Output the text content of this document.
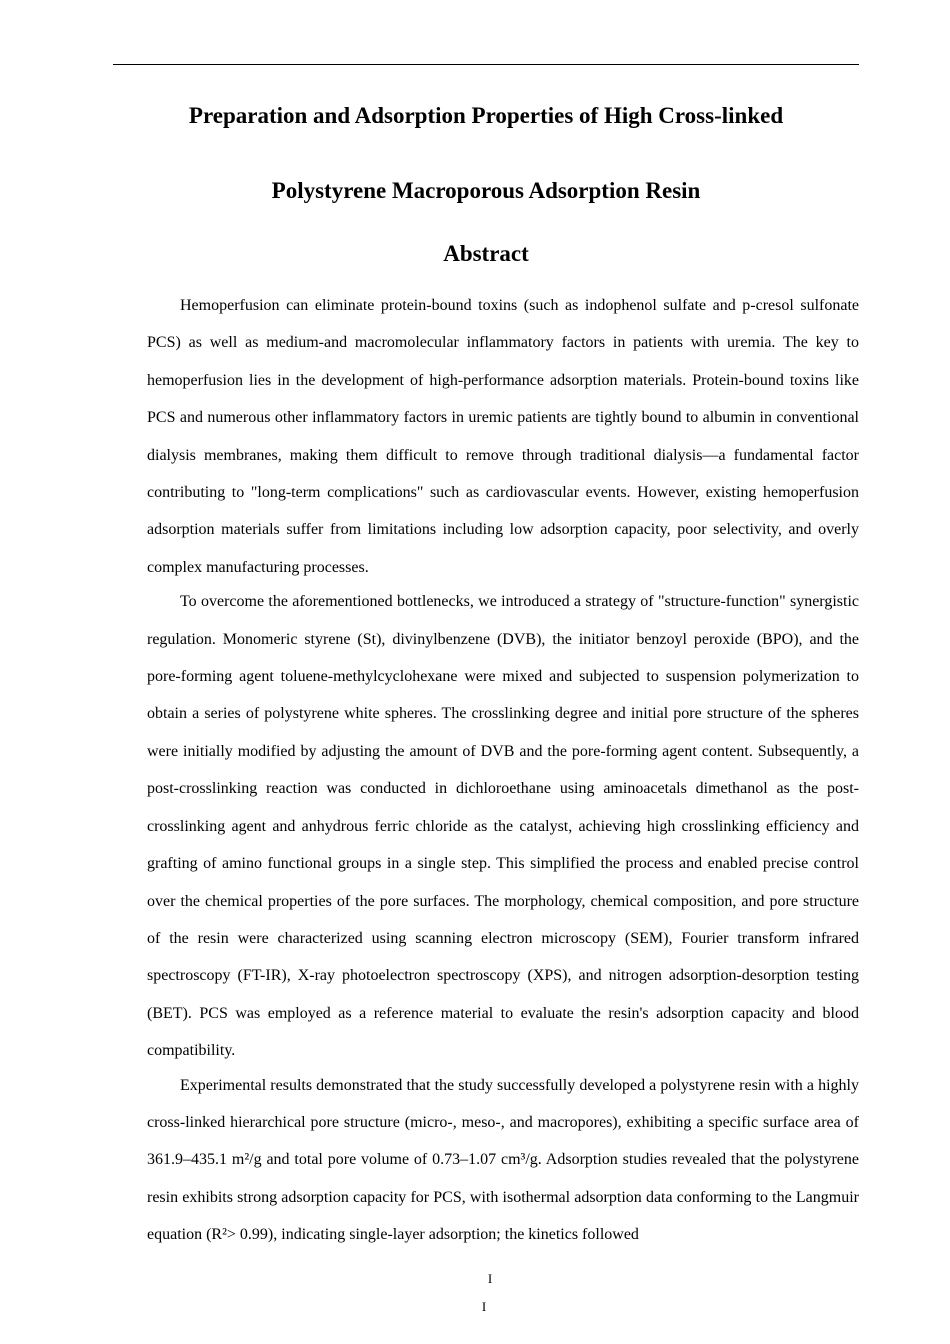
Preparation and Adsorption Properties of High Cross-linked
Polystyrene Macroporous Adsorption Resin
Abstract

Hemoperfusion can eliminate protein-bound toxins (such as indophenol sulfate and p-cresol sulfonate PCS) as well as medium-and macromolecular inflammatory factors in patients with uremia. The key to hemoperfusion lies in the development of high-performance adsorption materials. Protein-bound toxins like PCS and numerous other inflammatory factors in uremic patients are tightly bound to albumin in conventional dialysis membranes, making them difficult to remove through traditional dialysis—a fundamental factor contributing to "long-term complications" such as cardiovascular events. However, existing hemoperfusion adsorption materials suffer from limitations including low adsorption capacity, poor selectivity, and overly complex manufacturing processes.

To overcome the aforementioned bottlenecks, we introduced a strategy of "structure-function" synergistic regulation. Monomeric styrene (St), divinylbenzene (DVB), the initiator benzoyl peroxide (BPO), and the pore-forming agent toluene-methylcyclohexane were mixed and subjected to suspension polymerization to obtain a series of polystyrene white spheres. The crosslinking degree and initial pore structure of the spheres were initially modified by adjusting the amount of DVB and the pore-forming agent content. Subsequently, a post-crosslinking reaction was conducted in dichloroethane using aminoacetals dimethanol as the post-crosslinking agent and anhydrous ferric chloride as the catalyst, achieving high crosslinking efficiency and grafting of amino functional groups in a single step. This simplified the process and enabled precise control over the chemical properties of the pore surfaces. The morphology, chemical composition, and pore structure of the resin were characterized using scanning electron microscopy (SEM), Fourier transform infrared spectroscopy (FT-IR), X-ray photoelectron spectroscopy (XPS), and nitrogen adsorption-desorption testing (BET). PCS was employed as a reference material to evaluate the resin's adsorption capacity and blood compatibility.

Experimental results demonstrated that the study successfully developed a polystyrene resin with a highly cross-linked hierarchical pore structure (micro-, meso-, and macropores), exhibiting a specific surface area of 361.9–435.1 m²/g and total pore volume of 0.73–1.07 cm³/g. Adsorption studies revealed that the polystyrene resin exhibits strong adsorption capacity for PCS, with isothermal adsorption data conforming to the Langmuir equation (R²> 0.99), indicating single-layer adsorption; the kinetics followed

I
I
